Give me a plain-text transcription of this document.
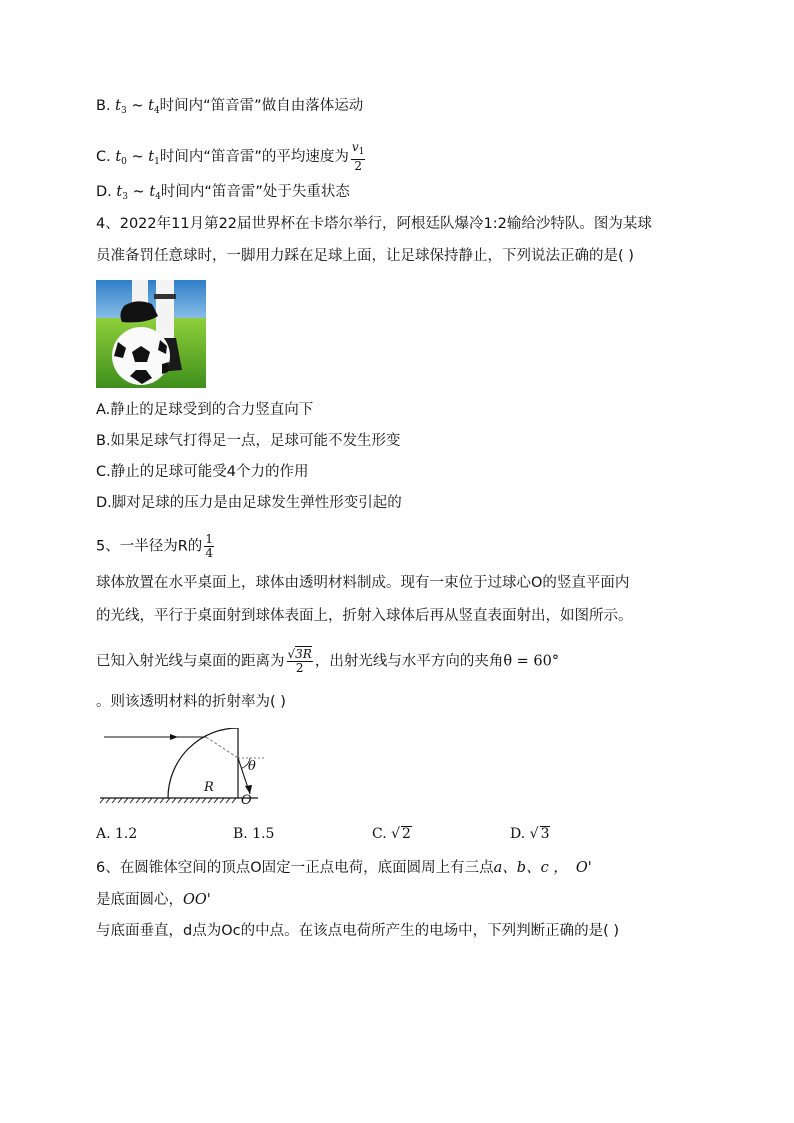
B. $t_3$ ~ $t_4$时间内“笛音雷”做自由落体运动
C. $t_0$ ~ $t_1$时间内“笛音雷”的平均速度为 $\frac{v_1}{2}$
D. $t_3$ ~ $t_4$时间内“笛音雷”处于失重状态
4、2022年11月第22届世界杯在卡塔尔举行，阿根廷队爆冷1:2输给沙特队。图为某球
员准备罚任意球时，一脚用力踩在足球上面，让足球保持静止，下列说法正确的是( )
A.静止的足球受到的合力竖直向下
B.如果足球气打得足一点，足球可能不发生形变
C.静止的足球可能受4个力的作用
D.脚对足球的压力是由足球发生弹性形变引起的
5、一半径为R的 $\frac{1}{4}$
球体放置在水平桌面上，球体由透明材料制成。现有一束位于过球心O的竖直平面内
的光线，平行于桌面射到球体表面上，折射入球体后再从竖直表面射出，如图所示。
已知入射光线与桌面的距离为 $\frac{√3R}{2}$ ，出射光线与水平方向的夹角θ = 60°
。则该透明材料的折射率为( )
θ
R
O
A. 1.2	B. 1.5	C. √ 2	D. √ 3
6、在圆锥体空间的顶点O固定一正点电荷，底面圆周上有三点a、b、c ， O'
是底面圆心，OO'
与底面垂直，d点为Oc的中点。在该点电荷所产生的电场中，下列判断正确的是( )
